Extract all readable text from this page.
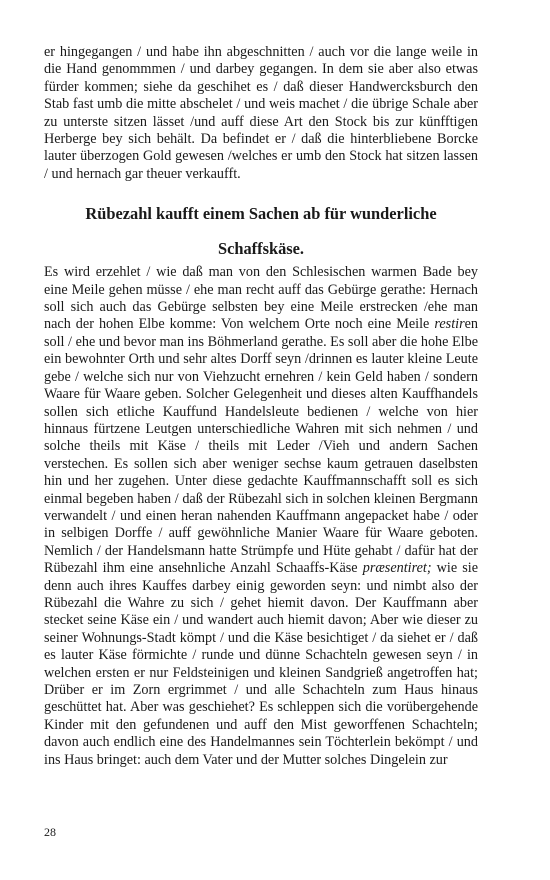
er hingegangen / und habe ihn abgeschnitten / auch vor die lange weile in die Hand genommmen / und darbey gegangen. In dem sie aber also etwas fürder kommen; siehe da geschihet es / daß dieser Handwercksburch den Stab fast umb die mitte abschelet / und weis machet / die übrige Schale aber zu unterste sitzen lässet /und auff diese Art den Stock bis zur künfftigen Herberge bey sich behält. Da befindet er / daß die hinterbliebene Borcke lauter überzogen Gold gewesen /welches er umb den Stock hat sitzen lassen / und hernach gar theuer verkaufft.

Rübezahl kaufft einem Sachen ab für wunderliche
Schaffskäse.

Es wird erzehlet / wie daß man von den Schlesischen warmen Bade bey eine Meile gehen müsse / ehe man recht auff das Gebürge gerathe: Hernach soll sich auch das Gebürge selbsten bey eine Meile erstrecken /ehe man nach der hohen Elbe komme: Von welchem Orte noch eine Meile restiren soll / ehe und bevor man ins Böhmerland gerathe. Es soll aber die hohe Elbe ein bewohnter Orth und sehr altes Dorff seyn /drinnen es lauter kleine Leute gebe / welche sich nur von Viehzucht ernehren / kein Geld haben / sondern Waare für Waare geben. Solcher Gelegenheit und dieses alten Kauffhandels sollen sich etliche Kauffund Handelsleute bedienen / welche von hier hinnaus fürtzene Leutgen unterschiedliche Wahren mit sich nehmen / und solche theils mit Käse / theils mit Leder /Vieh und andern Sachen verstechen. Es sollen sich aber weniger sechse kaum getrauen daselbsten hin und her zugehen. Unter diese gedachte Kauffmannschafft soll es sich einmal begeben haben / daß der Rübezahl sich in solchen kleinen Bergmann verwandelt / und einen heran nahenden Kauffmann angepacket habe / oder in selbigen Dorffe / auff gewöhnliche Manier Waare für Waare geboten. Nemlich / der Handelsmann hatte Strümpfe und Hüte gehabt / dafür hat der Rübezahl ihm eine ansehnliche Anzahl Schaaffs-Käse præsentiret; wie sie denn auch ihres Kauffes darbey einig geworden seyn: und nimbt also der Rübezahl die Wahre zu sich / gehet hiemit davon. Der Kauffmann aber stecket seine Käse ein / und wandert auch hiemit davon; Aber wie dieser zu seiner Wohnungs-Stadt kömpt / und die Käse besichtiget / da siehet er / daß es lauter Käse förmichte / runde und dünne Schachteln gewesen seyn / in welchen ersten er nur Feldsteinigen und kleinen Sandgrieß angetroffen hat; Drüber er im Zorn ergrimmet / und alle Schachteln zum Haus hinaus geschüttet hat. Aber was geschiehet? Es schleppen sich die vorübergehende Kinder mit den gefundenen und auff den Mist geworffenen Schachteln; davon auch endlich eine des Handelmannes sein Töchterlein bekömpt / und ins Haus bringet: auch dem Vater und der Mutter solches Dingelein zur

28
